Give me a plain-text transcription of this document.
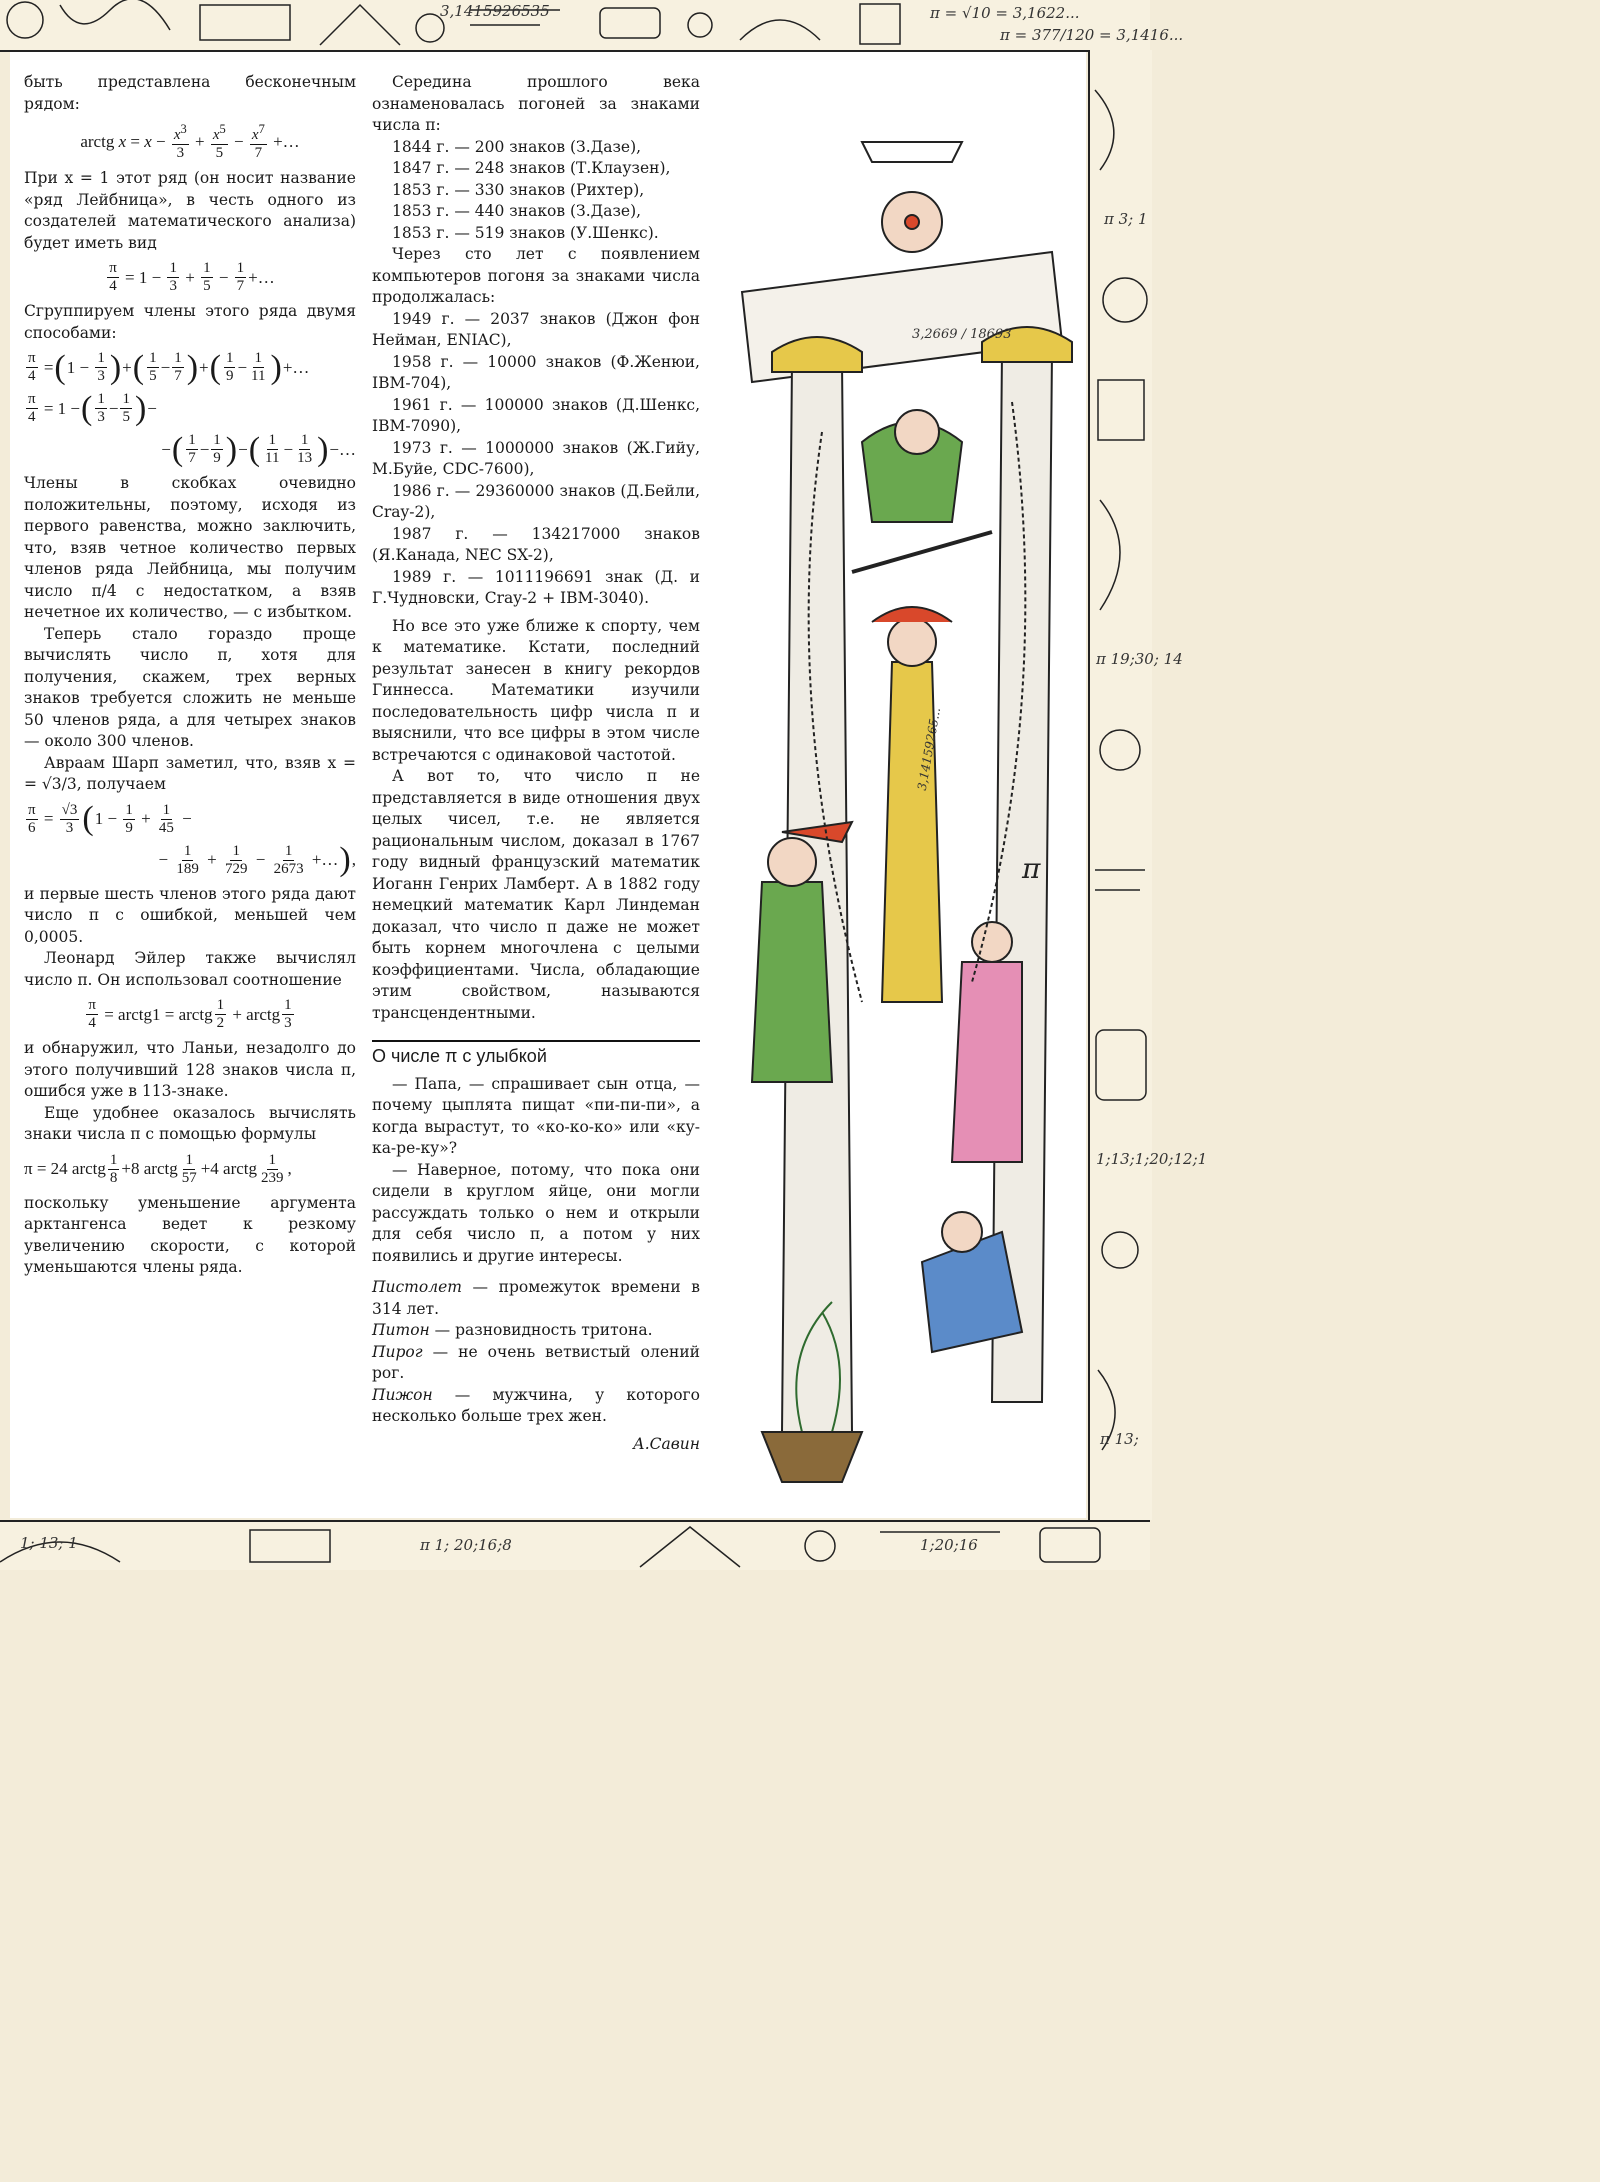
π = √10 = 3,1622...
π = 377/120 = 3,1416...
3,1415926535
π 3; 1
π 19;30; 14
1;13;1;20;12;1
π 13;
1; 13; 1	π 1; 20;16;8	1;20;16

быть представлена бесконечным рядом:

arctg $x = x - \frac{x^3}{3} + \frac{x^5}{5} - \frac{x^7}{7}$ +…

При x = 1 этот ряд (он носит название «ряд Лейбница», в честь одного из создателей математического анализа) будет иметь вид

$\frac{\pi}{4} = 1 - \frac{1}{3} + \frac{1}{5} - \frac{1}{7}$ +…

Сгруппируем члены этого ряда двумя способами:

$\frac{\pi}{4}$ = ( $1 - \frac{1}{3}$ ) + ( $\frac{1}{5} - \frac{1}{7}$ ) + ( $\frac{1}{9} - \frac{1}{11}$ ) +…
$\frac{\pi}{4} = 1$ − ( $\frac{1}{3} - \frac{1}{5}$ ) −
− ( $\frac{1}{7} - \frac{1}{9}$ ) − ( $\frac{1}{11} - \frac{1}{13}$ ) −…

Члены в скобках очевидно положительны, поэтому, исходя из первого равенства, можно заключить, что, взяв четное количество первых членов ряда Лейбница, мы получим число π/4 с недостатком, а взяв нечетное их количество, — с избытком.

Теперь стало гораздо проще вычислять число π, хотя для получения, скажем, трех верных знаков требуется сложить не меньше 50 членов ряда, а для четырех знаков — около 300 членов.

Авраам Шарп заметил, что, взяв x = = √3/3, получаем

$\frac{\pi}{6} = \frac{√3}{3}$ ( $1 - \frac{1}{9} + \frac{1}{45}$ −
− $\frac{1}{189} + \frac{1}{729} - \frac{1}{2673}$ +… ) ,

и первые шесть членов этого ряда дают число π с ошибкой, меньшей чем 0,0005.

Леонард Эйлер также вычислял число π. Он использовал соотношение

$\frac{\pi}{4}$ = arctg1 = arctg $\frac{1}{2}$ + arctg $\frac{1}{3}$

и обнаружил, что Ланьи, незадолго до этого получивший 128 знаков числа π, ошибся уже в 113-знаке.

Еще удобнее оказалось вычислять знаки числа π с помощью формулы

π = 24 arctg $\frac{1}{8} +8$ arctg $\frac{1}{57} +4$ arctg $\frac{1}{239}$ ,

поскольку уменьшение аргумента арктангенса ведет к резкому увеличению скорости, с которой уменьшаются члены ряда.

Середина прошлого века ознаменовалась погоней за знаками числа π:

1844 г. — 200 знаков (З.Дазе),

1847 г. — 248 знаков (Т.Клаузен),

1853 г. — 330 знаков (Рихтер),

1853 г. — 440 знаков (З.Дазе),

1853 г. — 519 знаков (У.Шенкс).

Через сто лет с появлением компьютеров погоня за знаками числа продолжалась:

1949 г. — 2037 знаков (Джон фон Нейман, ENIAC),

1958 г. — 10000 знаков (Ф.Женюи, IBM-704),

1961 г. — 100000 знаков (Д.Шенкс, IBM-7090),

1973 г. — 1000000 знаков (Ж.Гийу, М.Буйе, CDC-7600),

1986 г. — 29360000 знаков (Д.Бейли, Cray-2),

1987 г. — 134217000 знаков (Я.Канада, NEC SX-2),

1989 г. — 1011196691 знак (Д. и Г.Чудновски, Cray-2 + IBM-3040).

Но все это уже ближе к спорту, чем к математике. Кстати, последний результат занесен в книгу рекордов Гиннесса. Математики изучили последовательность цифр числа π и выяснили, что все цифры в этом числе встречаются с одинаковой частотой.

А вот то, что число π не представляется в виде отношения двух целых чисел, т.е. не является рациональным числом, доказал в 1767 году видный французский математик Иоганн Генрих Ламберт. А в 1882 году немецкий математик Карл Линдеман доказал, что число π даже не может быть корнем многочлена с целыми коэффициентами. Числа, обладающие этим свойством, называются трансцендентными.

О числе π с улыбкой

— Папа, — спрашивает сын отца, — почему цыплята пищат «пи-пи-пи», а когда вырастут, то «ко-ко-ко» или «ку-ка-ре-ку»?

— Наверное, потому, что пока они сидели в круглом яйце, они могли рассуждать только о нем и открыли для себя число π, а потом у них появились и другие интересы.

Пистолет — промежуток времени в 314 лет.

Питон — разновидность тритона.

Пирог — не очень ветвистый олений рог.

Пижон — мужчина, у которого несколько больше трех жен.

А.Савин
3,2669 / 18693
3,14159265...
π
